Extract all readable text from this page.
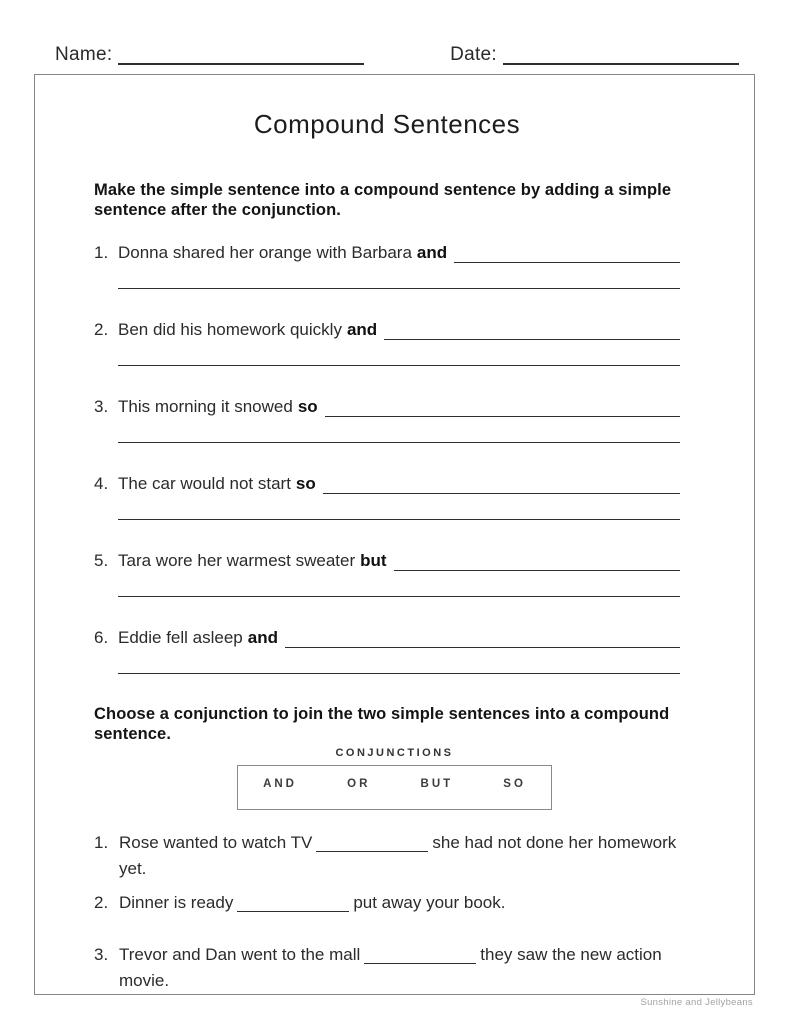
Name:	Date:
Compound Sentences

Make the simple sentence into a compound sentence by adding a simple sentence after the conjunction.

1. Donna shared her orange with Barbara and
2. Ben did his homework quickly and
3. This morning it snowed so
4. The car would not start so
5. Tara wore her warmest sweater but
6. Eddie fell asleep and

Choose a conjunction to join the two simple sentences into a compound sentence.

CONJUNCTIONS
AND	OR	BUT	SO
1. Rose wanted to watch TV	she had not done her homework yet.
2. Dinner is ready	put away your book.
3. Trevor and Dan went to the mall	they saw the new action movie.
Sunshine and Jellybeans
